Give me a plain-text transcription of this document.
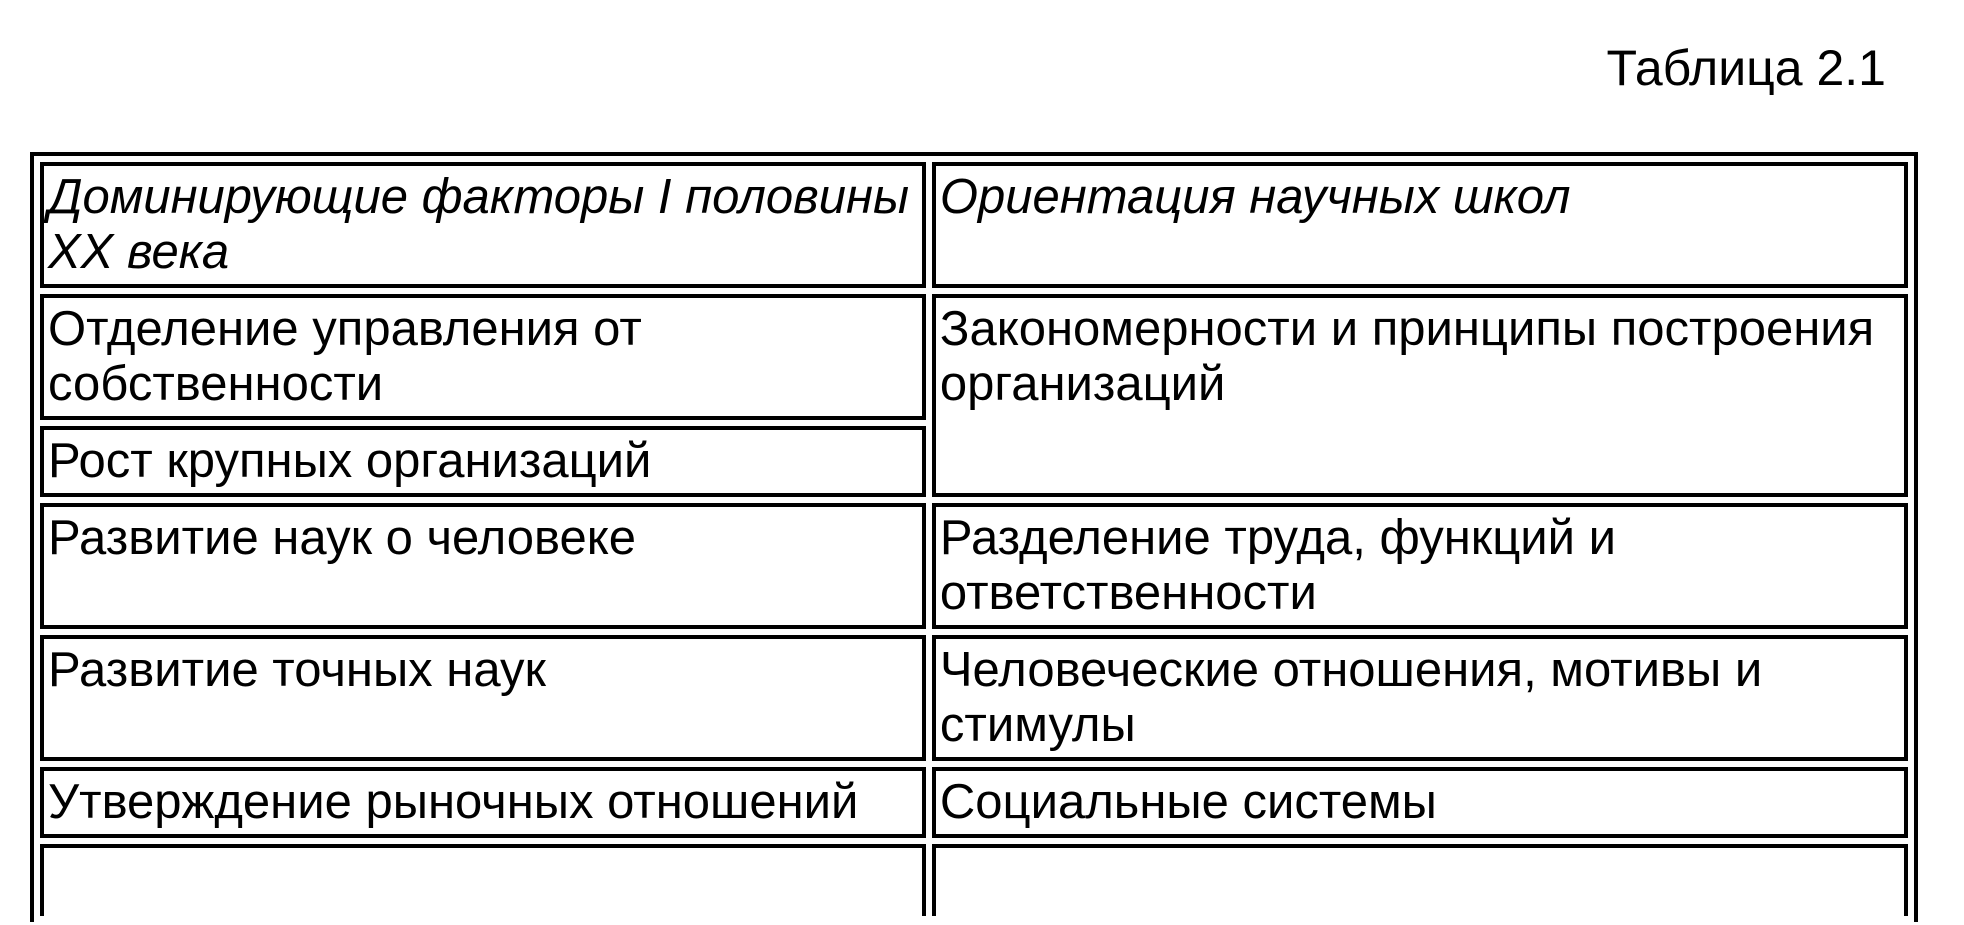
Таблица 2.1
Доминирующие факторы I половины XX века	Ориентация научных школ
Отделение управления от собственности	Закономерности и принципы построения организаций
Рост крупных организаций	
Развитие наук о человеке	Разделение труда, функций и ответственности
Развитие точных наук	Человеческие отношения, мотивы и стимулы
Утверждение рыночных отношений	Социальные системы
